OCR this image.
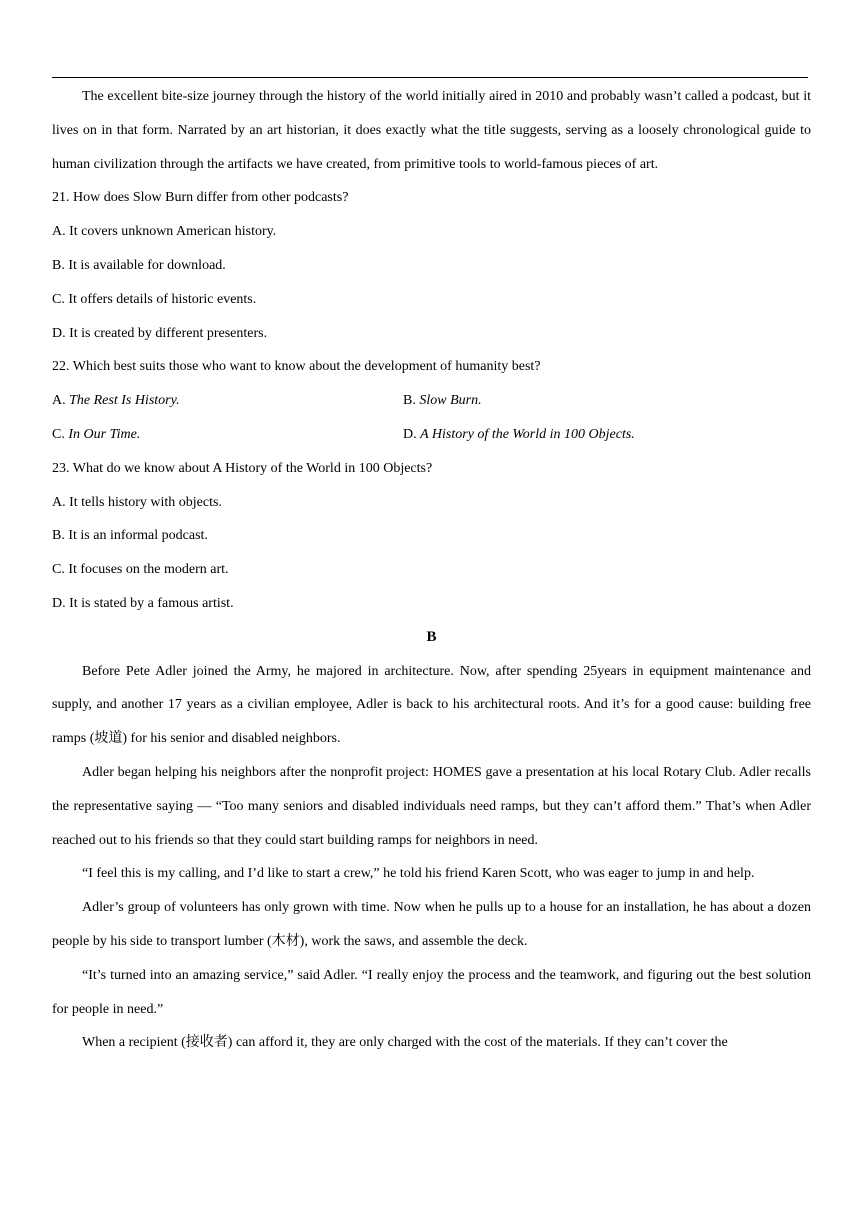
The excellent bite-size journey through the history of the world initially aired in 2010 and probably wasn’t called a podcast, but it lives on in that form. Narrated by an art historian, it does exactly what the title suggests, serving as a loosely chronological guide to human civilization through the artifacts we have created, from primitive tools to world-famous pieces of art.

21. How does Slow Burn differ from other podcasts?

A. It covers unknown American history.

B. It is available for download.

C. It offers details of historic events.

D. It is created by different presenters.

22. Which best suits those who want to know about the development of humanity best?

A. The Rest Is History.	B. Slow Burn.
C. In Our Time.	D. A History of the World in 100 Objects.

23. What do we know about A History of the World in 100 Objects?

A. It tells history with objects.

B. It is an informal podcast.

C. It focuses on the modern art.

D. It is stated by a famous artist.

B

Before Pete Adler joined the Army, he majored in architecture. Now, after spending 25years in equipment maintenance and supply, and another 17 years as a civilian employee, Adler is back to his architectural roots. And it’s for a good cause: building free ramps (坡道) for his senior and disabled neighbors.

Adler began helping his neighbors after the nonprofit project: HOMES gave a presentation at his local Rotary Club. Adler recalls the representative saying — “Too many seniors and disabled individuals need ramps, but they can’t afford them.” That’s when Adler reached out to his friends so that they could start building ramps for neighbors in need.

“I feel this is my calling, and I’d like to start a crew,” he told his friend Karen Scott, who was eager to jump in and help.

Adler’s group of volunteers has only grown with time. Now when he pulls up to a house for an installation, he has about a dozen people by his side to transport lumber (木材), work the saws, and assemble the deck.

“It’s turned into an amazing service,” said Adler. “I really enjoy the process and the teamwork, and figuring out the best solution for people in need.”

When a recipient (接收者) can afford it, they are only charged with the cost of the materials. If they can’t cover the
